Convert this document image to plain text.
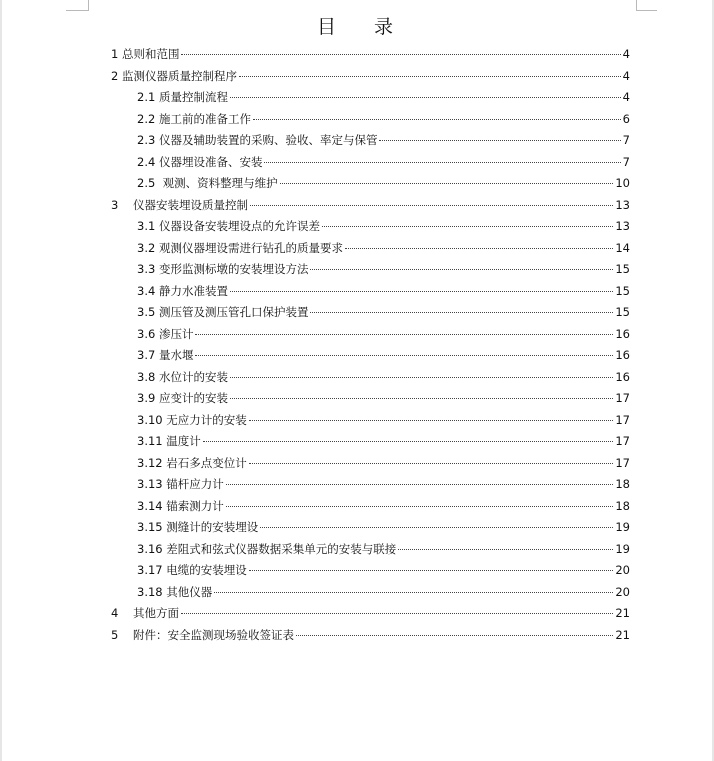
目 录
1 总则和范围	4
2 监测仪器质量控制程序	4
2.1 质量控制流程	4
2.2 施工前的准备工作	6
2.3 仪器及辅助装置的采购、验收、率定与保管	7
2.4 仪器埋设准备、安装	7
2.5 观测、资料整理与维护	10
3 仪器安装埋设质量控制	13
3.1 仪器设备安装埋设点的允许误差	13
3.2 观测仪器埋设需进行钻孔的质量要求	14
3.3 变形监测标墩的安装埋设方法	15
3.4 静力水准装置	15
3.5 测压管及测压管孔口保护装置	15
3.6 渗压计	16
3.7 量水堰	16
3.8 水位计的安装	16
3.9 应变计的安装	17
3.10 无应力计的安装	17
3.11 温度计	17
3.12 岩石多点变位计	17
3.13 锚杆应力计	18
3.14 锚索测力计	18
3.15 测缝计的安装埋设	19
3.16 差阻式和弦式仪器数据采集单元的安装与联接	19
3.17 电缆的安装埋设	20
3.18 其他仪器	20
4 其他方面	21
5 附件：安全监测现场验收签证表	21
